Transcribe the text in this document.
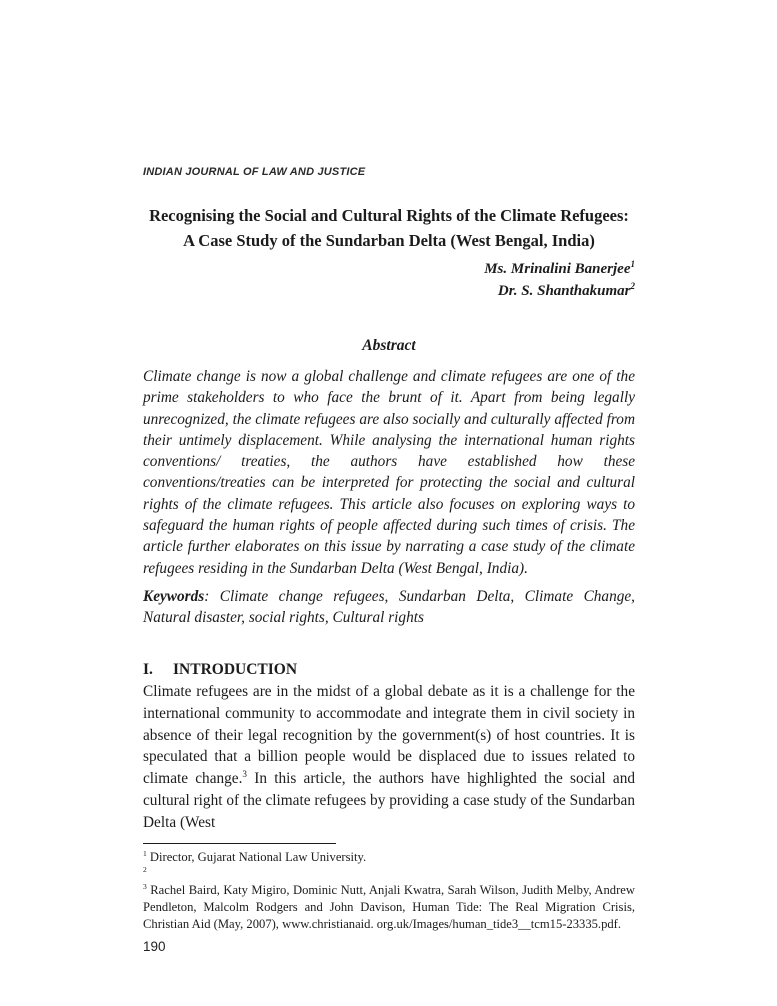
INDIAN JOURNAL OF LAW AND JUSTICE
Recognising the Social and Cultural Rights of the Climate Refugees:
A Case Study of the Sundarban Delta (West Bengal, India)
Ms. Mrinalini Banerjee$^1$
Dr. S. Shanthakumar$^2$
Abstract

Climate change is now a global challenge and climate refugees are one of the prime stakeholders to who face the brunt of it. Apart from being legally unrecognized, the climate refugees are also socially and culturally affected from their untimely displacement. While analysing the international human rights conventions/ treaties, the authors have established how these conventions/treaties can be interpreted for protecting the social and cultural rights of the climate refugees. This article also focuses on exploring ways to safeguard the human rights of people affected during such times of crisis. The article further elaborates on this issue by narrating a case study of the climate refugees residing in the Sundarban Delta (West Bengal, India).

Keywords: Climate change refugees, Sundarban Delta, Climate Change, Natural disaster, social rights, Cultural rights

I. INTRODUCTION

Climate refugees are in the midst of a global debate as it is a challenge for the international community to accommodate and integrate them in civil society in absence of their legal recognition by the government(s) of host countries. It is speculated that a billion people would be displaced due to issues related to climate change.$^3$ In this article, the authors have highlighted the social and cultural right of the climate refugees by providing a case study of the Sundarban Delta (West

$^1$ Director, Gujarat National Law University.

$^2$

$^3$ Rachel Baird, Katy Migiro, Dominic Nutt, Anjali Kwatra, Sarah Wilson, Judith Melby, Andrew Pendleton, Malcolm Rodgers and John Davison, Human Tide: The Real Migration Crisis, Christian Aid (May, 2007), www.christianaid. org.uk/Images/human_tide3__tcm15-23335.pdf.

190
